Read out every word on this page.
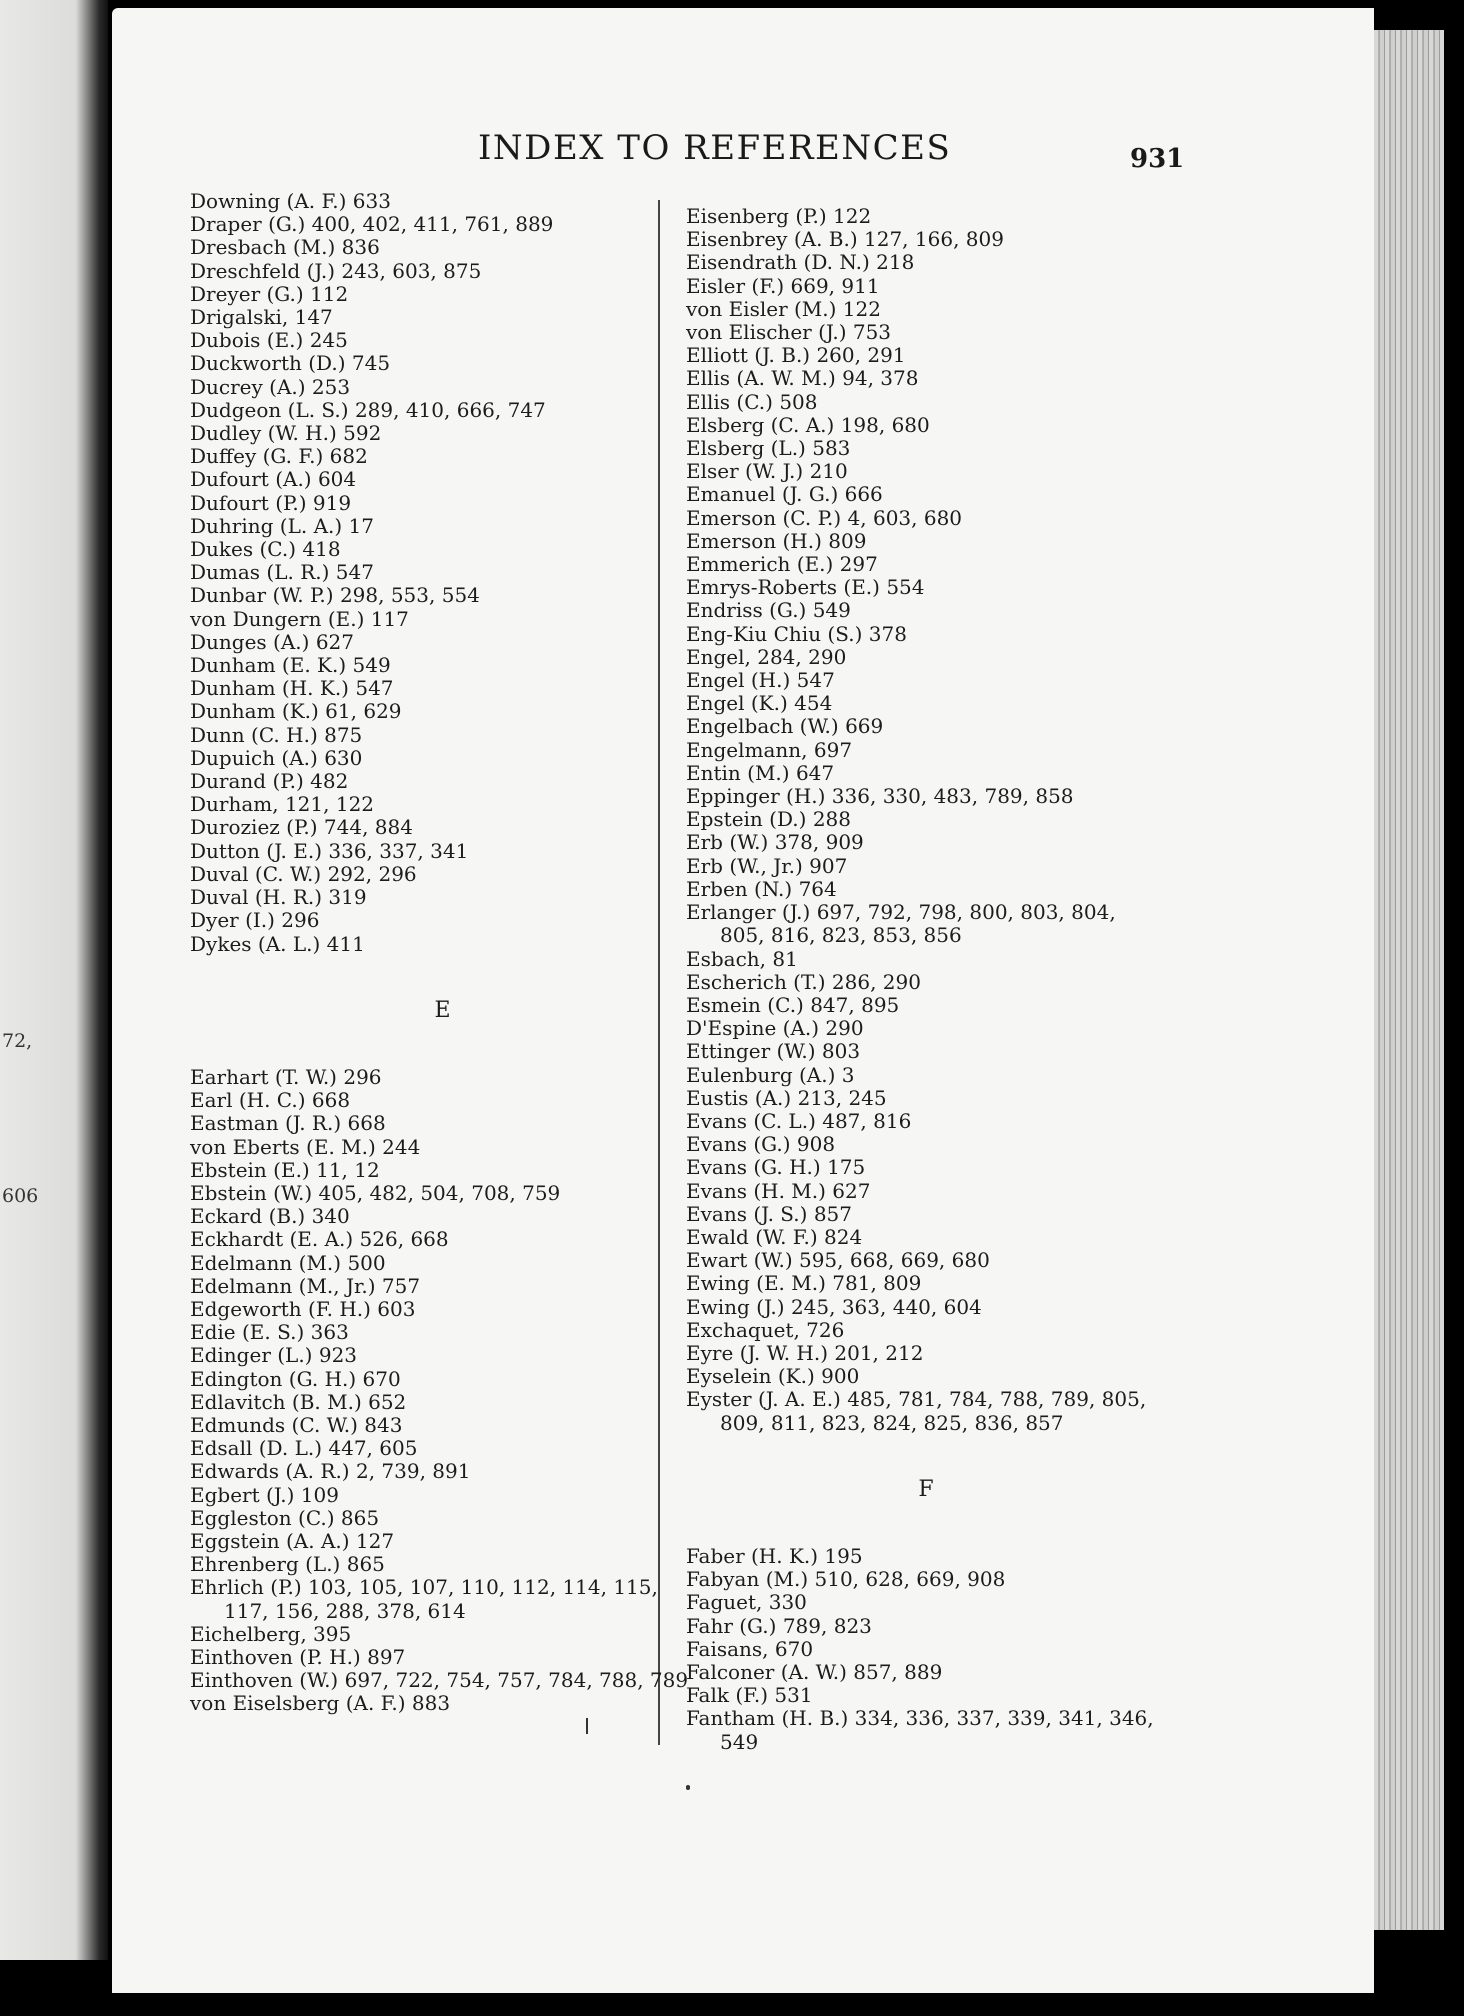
72,
606
INDEX TO REFERENCES	931
Downing (A. F.) 633
Draper (G.) 400, 402, 411, 761, 889
Dresbach (M.) 836
Dreschfeld (J.) 243, 603, 875
Dreyer (G.) 112
Drigalski, 147
Dubois (E.) 245
Duckworth (D.) 745
Ducrey (A.) 253
Dudgeon (L. S.) 289, 410, 666, 747
Dudley (W. H.) 592
Duffey (G. F.) 682
Dufourt (A.) 604
Dufourt (P.) 919
Duhring (L. A.) 17
Dukes (C.) 418
Dumas (L. R.) 547
Dunbar (W. P.) 298, 553, 554
von Dungern (E.) 117
Dunges (A.) 627
Dunham (E. K.) 549
Dunham (H. K.) 547
Dunham (K.) 61, 629
Dunn (C. H.) 875
Dupuich (A.) 630
Durand (P.) 482
Durham, 121, 122
Duroziez (P.) 744, 884
Dutton (J. E.) 336, 337, 341
Duval (C. W.) 292, 296
Duval (H. R.) 319
Dyer (I.) 296
Dykes (A. L.) 411
E
Earhart (T. W.) 296
Earl (H. C.) 668
Eastman (J. R.) 668
von Eberts (E. M.) 244
Ebstein (E.) 11, 12
Ebstein (W.) 405, 482, 504, 708, 759
Eckard (B.) 340
Eckhardt (E. A.) 526, 668
Edelmann (M.) 500
Edelmann (M., Jr.) 757
Edgeworth (F. H.) 603
Edie (E. S.) 363
Edinger (L.) 923
Edington (G. H.) 670
Edlavitch (B. M.) 652
Edmunds (C. W.) 843
Edsall (D. L.) 447, 605
Edwards (A. R.) 2, 739, 891
Egbert (J.) 109
Eggleston (C.) 865
Eggstein (A. A.) 127
Ehrenberg (L.) 865
Ehrlich (P.) 103, 105, 107, 110, 112, 114, 115, 117, 156, 288, 378, 614
Eichelberg, 395
Einthoven (P. H.) 897
Einthoven (W.) 697, 722, 754, 757, 784, 788, 789
von Eiselsberg (A. F.) 883
Eisenberg (P.) 122
Eisenbrey (A. B.) 127, 166, 809
Eisendrath (D. N.) 218
Eisler (F.) 669, 911
von Eisler (M.) 122
von Elischer (J.) 753
Elliott (J. B.) 260, 291
Ellis (A. W. M.) 94, 378
Ellis (C.) 508
Elsberg (C. A.) 198, 680
Elsberg (L.) 583
Elser (W. J.) 210
Emanuel (J. G.) 666
Emerson (C. P.) 4, 603, 680
Emerson (H.) 809
Emmerich (E.) 297
Emrys-Roberts (E.) 554
Endriss (G.) 549
Eng-Kiu Chiu (S.) 378
Engel, 284, 290
Engel (H.) 547
Engel (K.) 454
Engelbach (W.) 669
Engelmann, 697
Entin (M.) 647
Eppinger (H.) 336, 330, 483, 789, 858
Epstein (D.) 288
Erb (W.) 378, 909
Erb (W., Jr.) 907
Erben (N.) 764
Erlanger (J.) 697, 792, 798, 800, 803, 804, 805, 816, 823, 853, 856
Esbach, 81
Escherich (T.) 286, 290
Esmein (C.) 847, 895
D'Espine (A.) 290
Ettinger (W.) 803
Eulenburg (A.) 3
Eustis (A.) 213, 245
Evans (C. L.) 487, 816
Evans (G.) 908
Evans (G. H.) 175
Evans (H. M.) 627
Evans (J. S.) 857
Ewald (W. F.) 824
Ewart (W.) 595, 668, 669, 680
Ewing (E. M.) 781, 809
Ewing (J.) 245, 363, 440, 604
Exchaquet, 726
Eyre (J. W. H.) 201, 212
Eyselein (K.) 900
Eyster (J. A. E.) 485, 781, 784, 788, 789, 805, 809, 811, 823, 824, 825, 836, 857
F
Faber (H. K.) 195
Fabyan (M.) 510, 628, 669, 908
Faguet, 330
Fahr (G.) 789, 823
Faisans, 670
Falconer (A. W.) 857, 889
Falk (F.) 531
Fantham (H. B.) 334, 336, 337, 339, 341, 346, 549
